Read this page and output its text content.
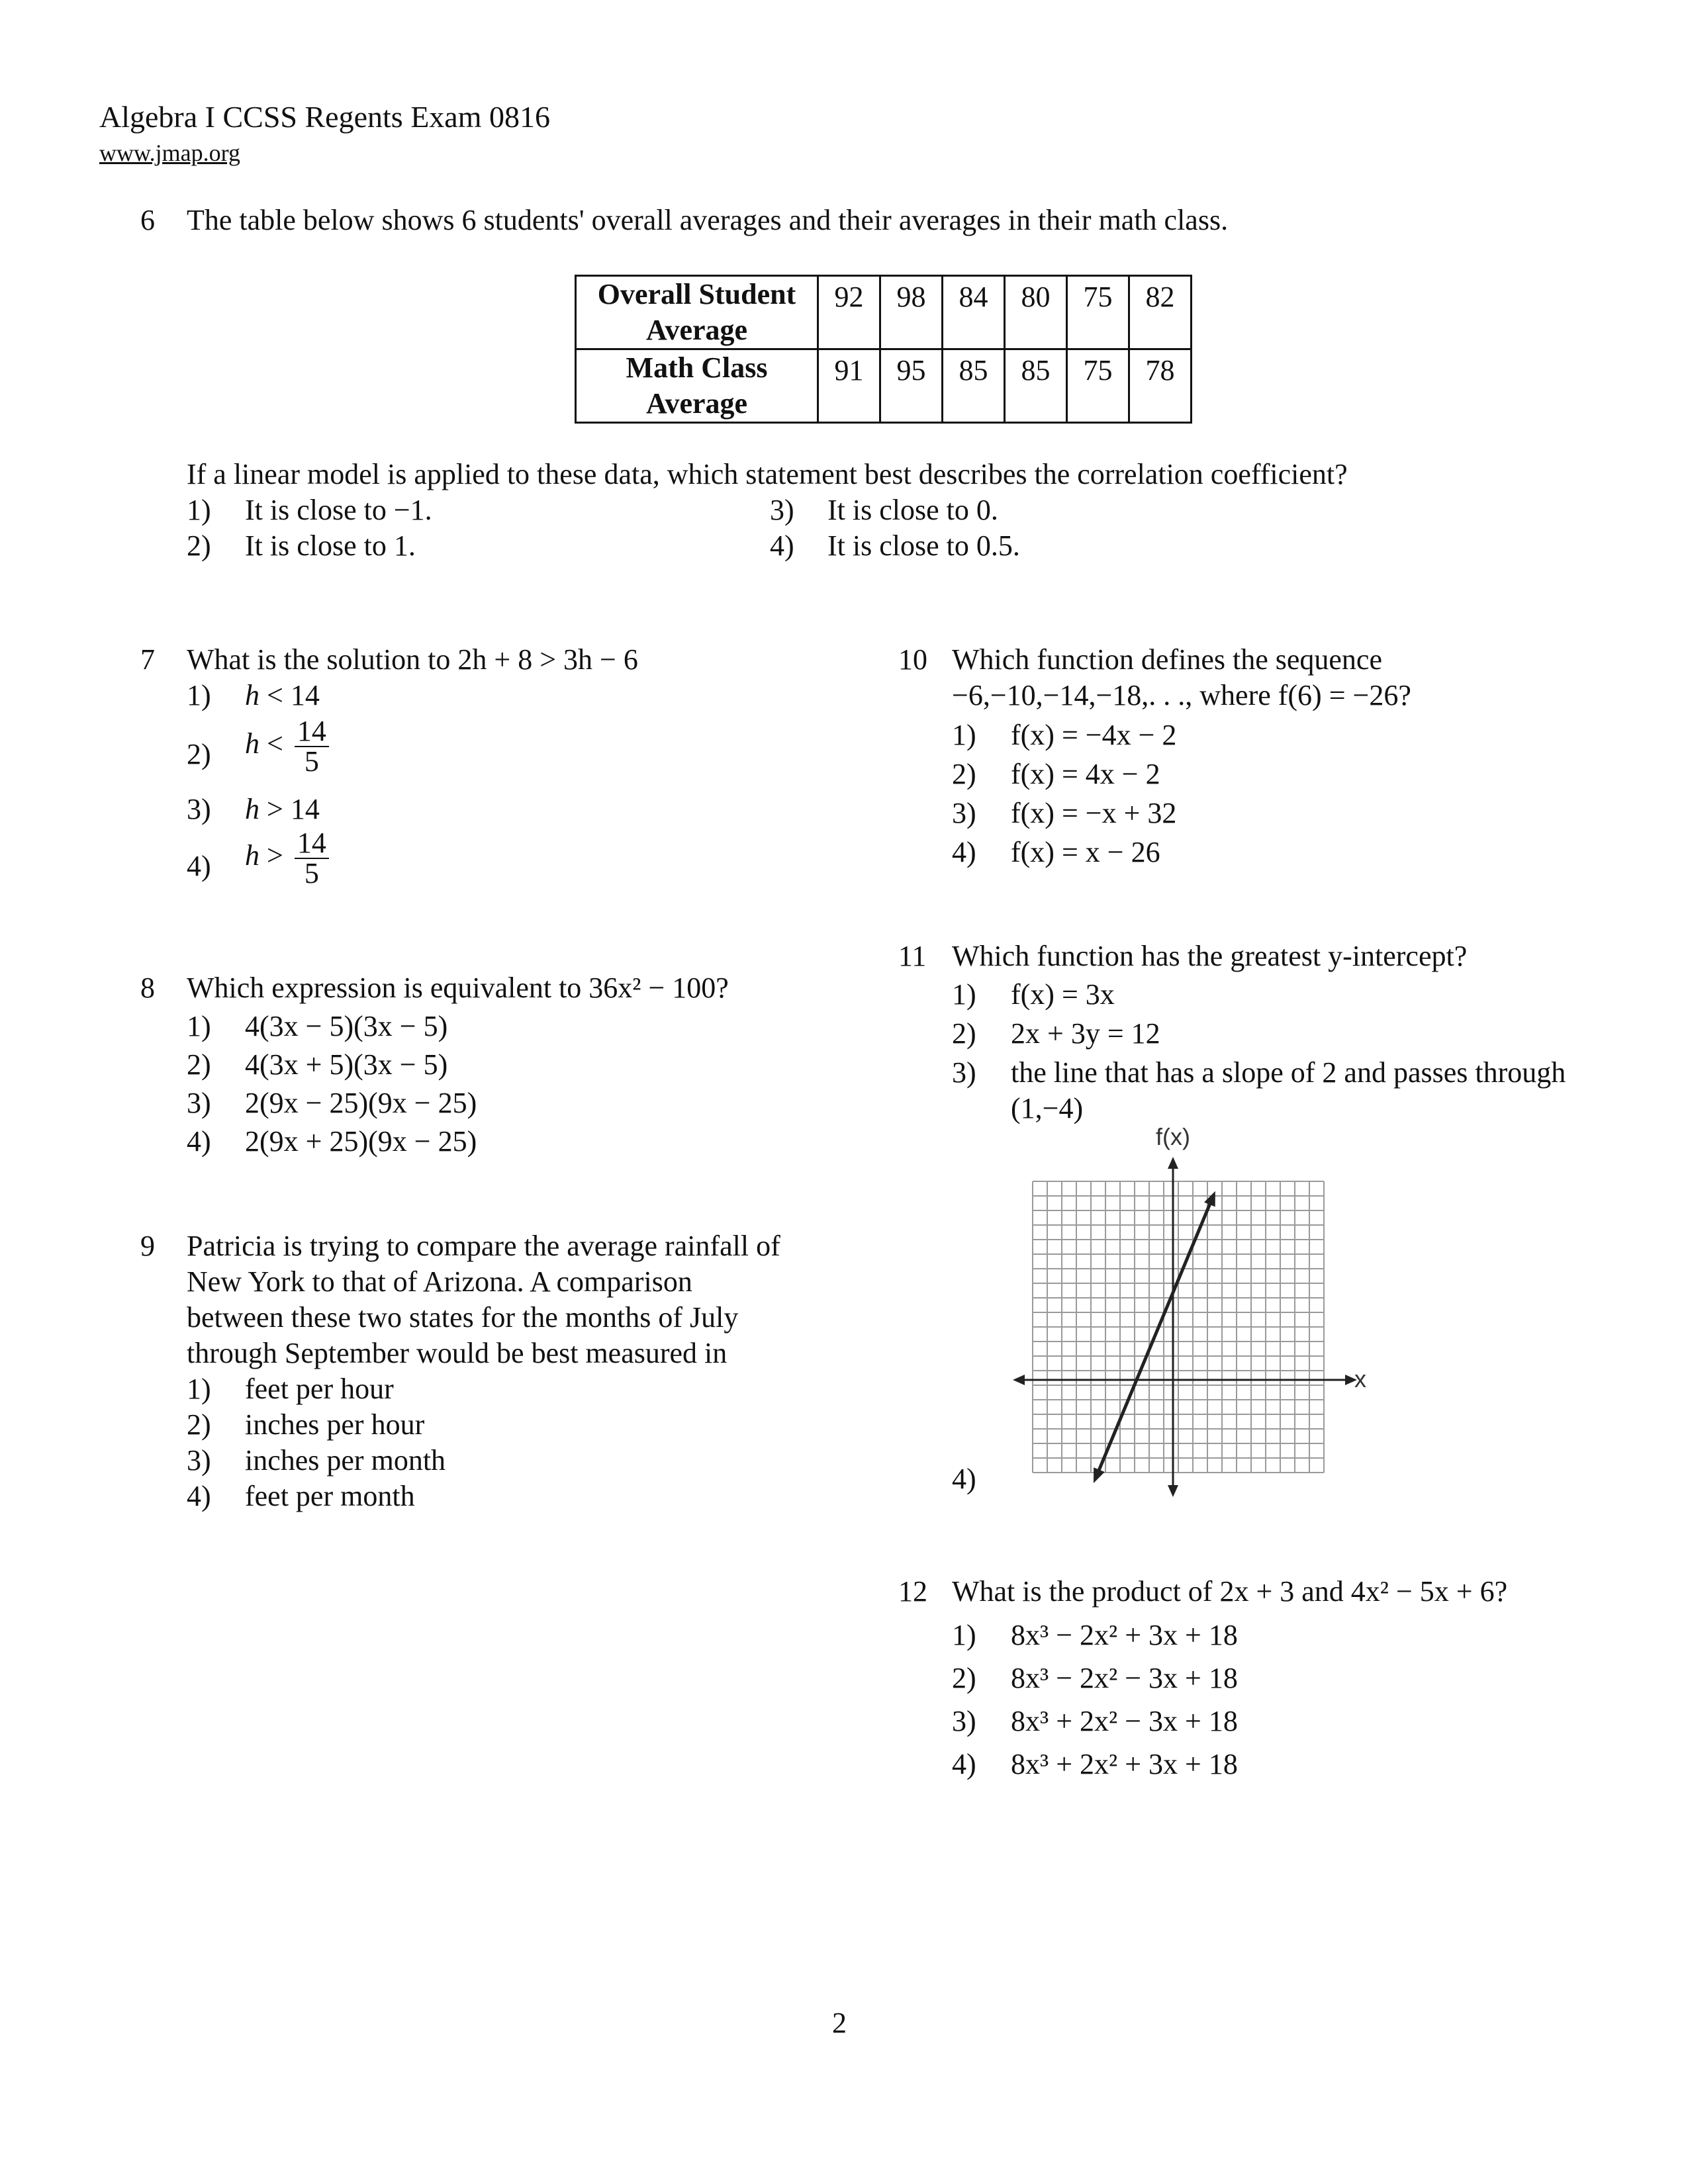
Algebra I CCSS Regents Exam 0816
www.jmap.org
6 The table below shows 6 students' overall averages and their averages in their math class.
Overall Student
Average	92	98	84	80	75	82
Math Class
Average	91	95	85	85	75	78
If a linear model is applied to these data, which statement best describes the correlation coefficient?
1) It is close to −1.
2) It is close to 1.
3) It is close to 0.
4) It is close to 0.5.
7 What is the solution to 2h + 8 > 3h − 6
1) h < 14
2) $h < \frac{14}{5}$
3) h > 14
4) $h > \frac{14}{5}$
8 Which expression is equivalent to 36x² − 100?
1) 4(3x − 5)(3x − 5)
2) 4(3x + 5)(3x − 5)
3) 2(9x − 25)(9x − 25)
4) 2(9x + 25)(9x − 25)
9 Patricia is trying to compare the average rainfall of
New York to that of Arizona. A comparison
between these two states for the months of July
through September would be best measured in
1) feet per hour
2) inches per hour
3) inches per month
4) feet per month
10 Which function defines the sequence
−6,−10,−14,−18,. . ., where f(6) = −26?
1) f(x) = −4x − 2
2) f(x) = 4x − 2
3) f(x) = −x + 32
4) f(x) = x − 26
11 Which function has the greatest y-intercept?
1) f(x) = 3x
2) 2x + 3y = 12
3) the line that has a slope of 2 and passes through
(1,−4)
f(x)
x
4)
12 What is the product of 2x + 3 and 4x² − 5x + 6?
1) 8x³ − 2x² + 3x + 18
2) 8x³ − 2x² − 3x + 18
3) 8x³ + 2x² − 3x + 18
4) 8x³ + 2x² + 3x + 18
2
